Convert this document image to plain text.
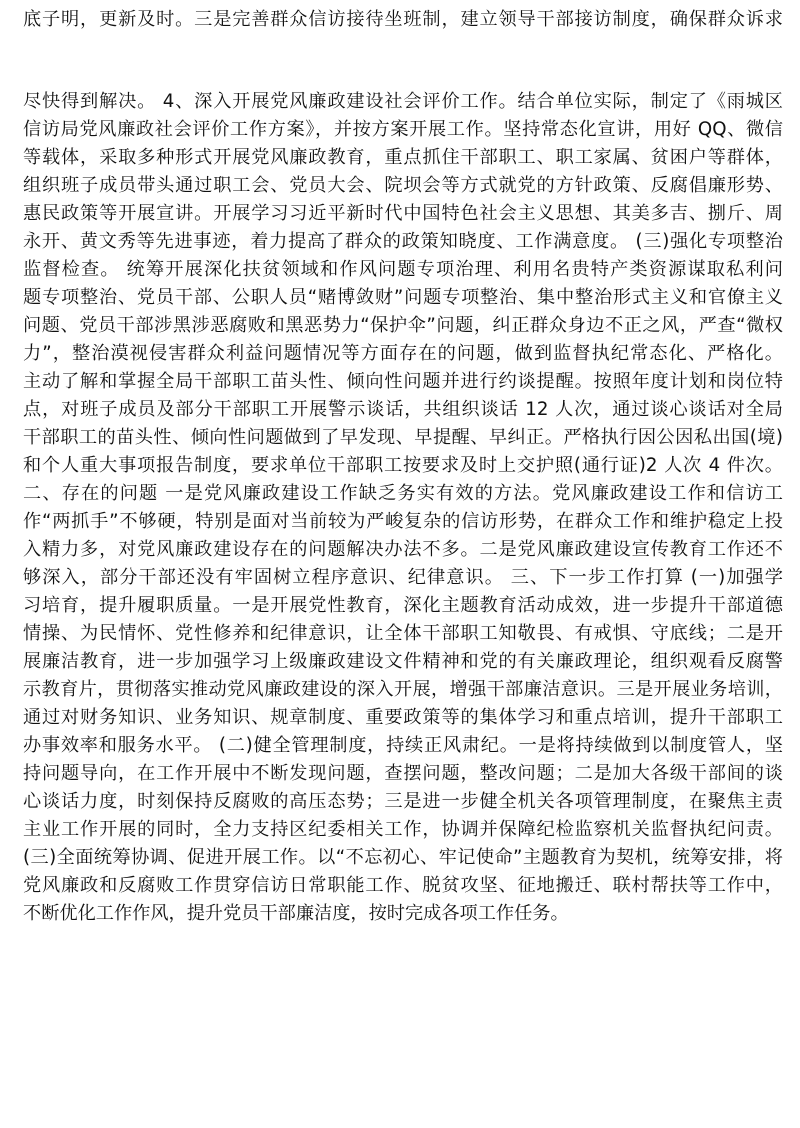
底子明，更新及时。三是完善群众信访接待坐班制，建立领导干部接访制度，确保群众诉求
尽快得到解决。 4、深入开展党风廉政建设社会评价工作。结合单位实际，制定了《雨城区
信访局党风廉政社会评价工作方案》，并按方案开展工作。坚持常态化宣讲，用好 QQ、微信
等载体，采取多种形式开展党风廉政教育，重点抓住干部职工、职工家属、贫困户等群体，
组织班子成员带头通过职工会、党员大会、院坝会等方式就党的方针政策、反腐倡廉形势、
惠民政策等开展宣讲。开展学习习近平新时代中国特色社会主义思想、其美多吉、捌斤、周
永开、黄文秀等先进事迹，着力提高了群众的政策知晓度、工作满意度。 (三)强化专项整治
监督检查。 统筹开展深化扶贫领域和作风问题专项治理、利用名贵特产类资源谋取私利问
题专项整治、党员干部、公职人员“赌博敛财”问题专项整治、集中整治形式主义和官僚主义
问题、党员干部涉黑涉恶腐败和黑恶势力“保护伞”问题，纠正群众身边不正之风，严查“微权
力”，整治漠视侵害群众利益问题情况等方面存在的问题，做到监督执纪常态化、严格化。
主动了解和掌握全局干部职工苗头性、倾向性问题并进行约谈提醒。按照年度计划和岗位特
点，对班子成员及部分干部职工开展警示谈话，共组织谈话 12 人次，通过谈心谈话对全局
干部职工的苗头性、倾向性问题做到了早发现、早提醒、早纠正。严格执行因公因私出国(境)
和个人重大事项报告制度，要求单位干部职工按要求及时上交护照(通行证)2 人次 4 件次。
二、存在的问题 一是党风廉政建设工作缺乏务实有效的方法。党风廉政建设工作和信访工
作“两抓手”不够硬，特别是面对当前较为严峻复杂的信访形势，在群众工作和维护稳定上投
入精力多，对党风廉政建设存在的问题解决办法不多。二是党风廉政建设宣传教育工作还不
够深入，部分干部还没有牢固树立程序意识、纪律意识。 三、下一步工作打算 (一)加强学
习培育，提升履职质量。一是开展党性教育，深化主题教育活动成效，进一步提升干部道德
情操、为民情怀、党性修养和纪律意识，让全体干部职工知敬畏、有戒惧、守底线；二是开
展廉洁教育，进一步加强学习上级廉政建设文件精神和党的有关廉政理论，组织观看反腐警
示教育片，贯彻落实推动党风廉政建设的深入开展，增强干部廉洁意识。三是开展业务培训，
通过对财务知识、业务知识、规章制度、重要政策等的集体学习和重点培训，提升干部职工
办事效率和服务水平。 (二)健全管理制度，持续正风肃纪。一是将持续做到以制度管人，坚
持问题导向，在工作开展中不断发现问题，查摆问题，整改问题；二是加大各级干部间的谈
心谈话力度，时刻保持反腐败的高压态势；三是进一步健全机关各项管理制度，在聚焦主责
主业工作开展的同时，全力支持区纪委相关工作，协调并保障纪检监察机关监督执纪问责。
(三)全面统筹协调、促进开展工作。以“不忘初心、牢记使命”主题教育为契机，统筹安排，将
党风廉政和反腐败工作贯穿信访日常职能工作、脱贫攻坚、征地搬迁、联村帮扶等工作中，
不断优化工作作风，提升党员干部廉洁度，按时完成各项工作任务。
